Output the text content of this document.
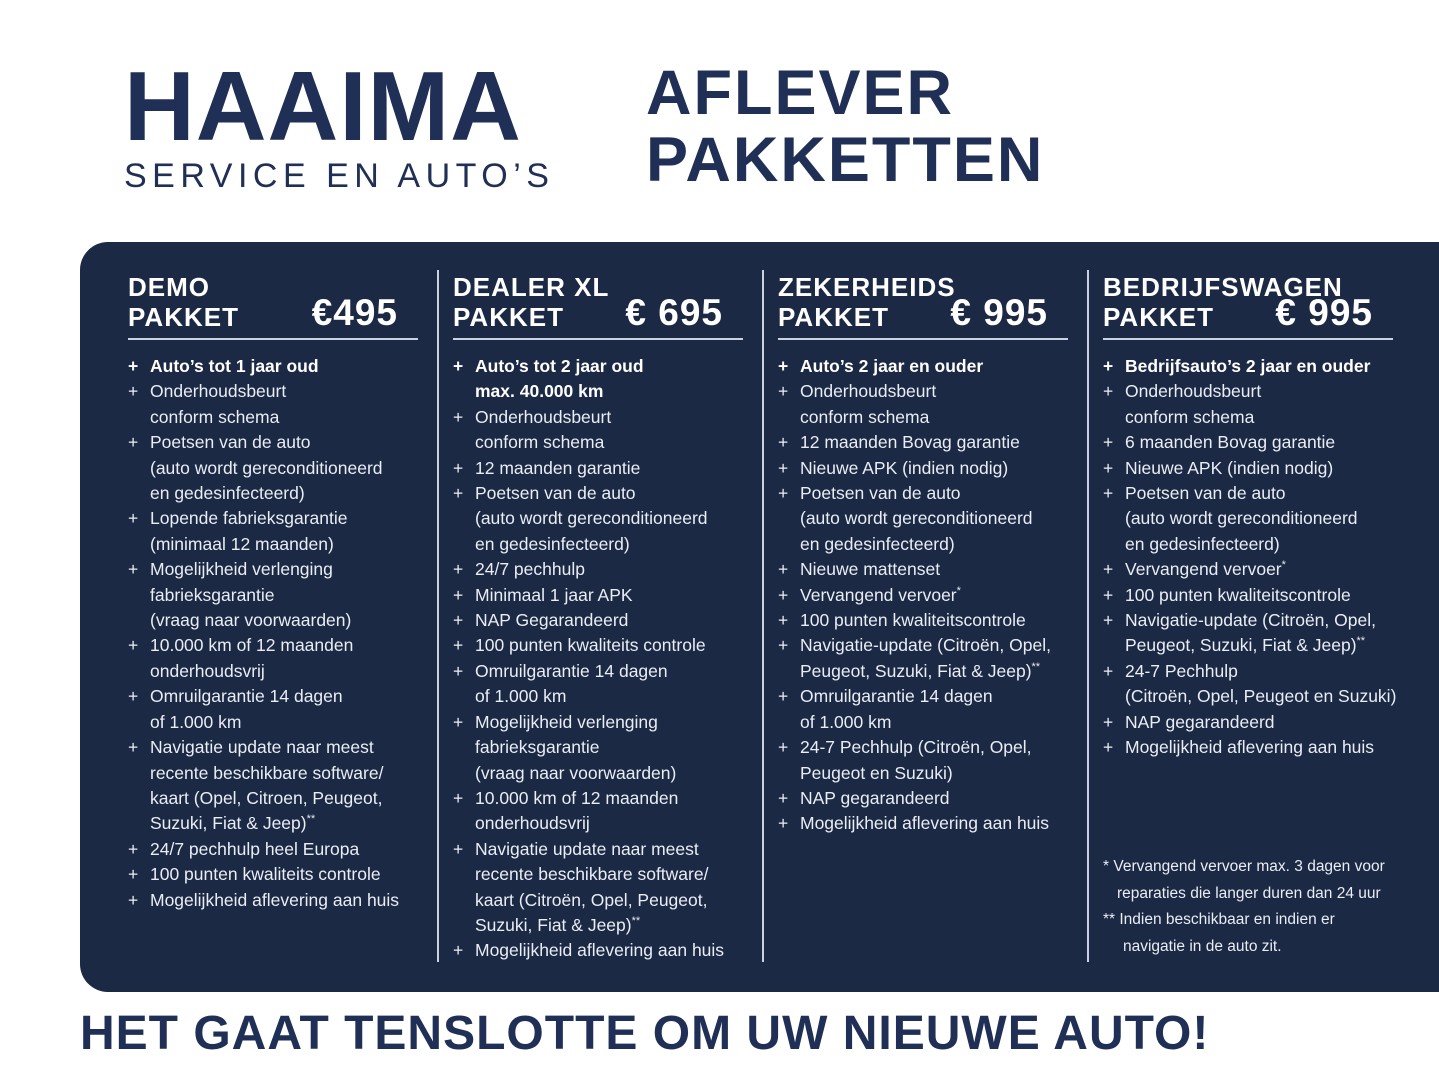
HAAIMA
SERVICE EN AUTO’S
AFLEVER
PAKKETTEN
* Vervangend vervoer max. 3 dagen voor
reparaties die langer duren dan 24 uur
** Indien beschikbaar en indien er
navigatie in de auto zit.
DEMO
PAKKET	€495
+ Auto’s tot 1 jaar oud
+ Onderhoudsbeurt
conform schema
+ Poetsen van de auto
(auto wordt gereconditioneerd
en gedesinfecteerd)
+ Lopende fabrieksgarantie
(minimaal 12 maanden)
+ Mogelijkheid verlenging
fabrieksgarantie
(vraag naar voorwaarden)
+ 10.000 km of 12 maanden
onderhoudsvrij
+ Omruilgarantie 14 dagen
of 1.000 km
+ Navigatie update naar meest
recente beschikbare software/
kaart (Opel, Citroen, Peugeot,
Suzuki, Fiat & Jeep)**
+ 24/7 pechhulp heel Europa
+ 100 punten kwaliteits controle
+ Mogelijkheid aflevering aan huis
DEALER XL
PAKKET	€ 695
+ Auto’s tot 2 jaar oud
max. 40.000 km
+ Onderhoudsbeurt
conform schema
+ 12 maanden garantie
+ Poetsen van de auto
(auto wordt gereconditioneerd
en gedesinfecteerd)
+ 24/7 pechhulp
+ Minimaal 1 jaar APK
+ NAP Gegarandeerd
+ 100 punten kwaliteits controle
+ Omruilgarantie 14 dagen
of 1.000 km
+ Mogelijkheid verlenging
fabrieksgarantie
(vraag naar voorwaarden)
+ 10.000 km of 12 maanden
onderhoudsvrij
+ Navigatie update naar meest
recente beschikbare software/
kaart (Citroën, Opel, Peugeot,
Suzuki, Fiat & Jeep)**
+ Mogelijkheid aflevering aan huis
ZEKERHEIDS
PAKKET	€ 995
+ Auto’s 2 jaar en ouder
+ Onderhoudsbeurt
conform schema
+ 12 maanden Bovag garantie
+ Nieuwe APK (indien nodig)
+ Poetsen van de auto
(auto wordt gereconditioneerd
en gedesinfecteerd)
+ Nieuwe mattenset
+ Vervangend vervoer*
+ 100 punten kwaliteitscontrole
+ Navigatie-update (Citroën, Opel,
Peugeot, Suzuki, Fiat & Jeep)**
+ Omruilgarantie 14 dagen
of 1.000 km
+ 24-7 Pechhulp (Citroën, Opel,
Peugeot en Suzuki)
+ NAP gegarandeerd
+ Mogelijkheid aflevering aan huis
BEDRIJFSWAGEN
PAKKET	€ 995
+ Bedrijfsauto’s 2 jaar en ouder
+ Onderhoudsbeurt
conform schema
+ 6 maanden Bovag garantie
+ Nieuwe APK (indien nodig)
+ Poetsen van de auto
(auto wordt gereconditioneerd
en gedesinfecteerd)
+ Vervangend vervoer*
+ 100 punten kwaliteitscontrole
+ Navigatie-update (Citroën, Opel,
Peugeot, Suzuki, Fiat & Jeep)**
+ 24-7 Pechhulp
(Citroën, Opel, Peugeot en Suzuki)
+ NAP gegarandeerd
+ Mogelijkheid aflevering aan huis
HET GAAT TENSLOTTE OM UW NIEUWE AUTO!
